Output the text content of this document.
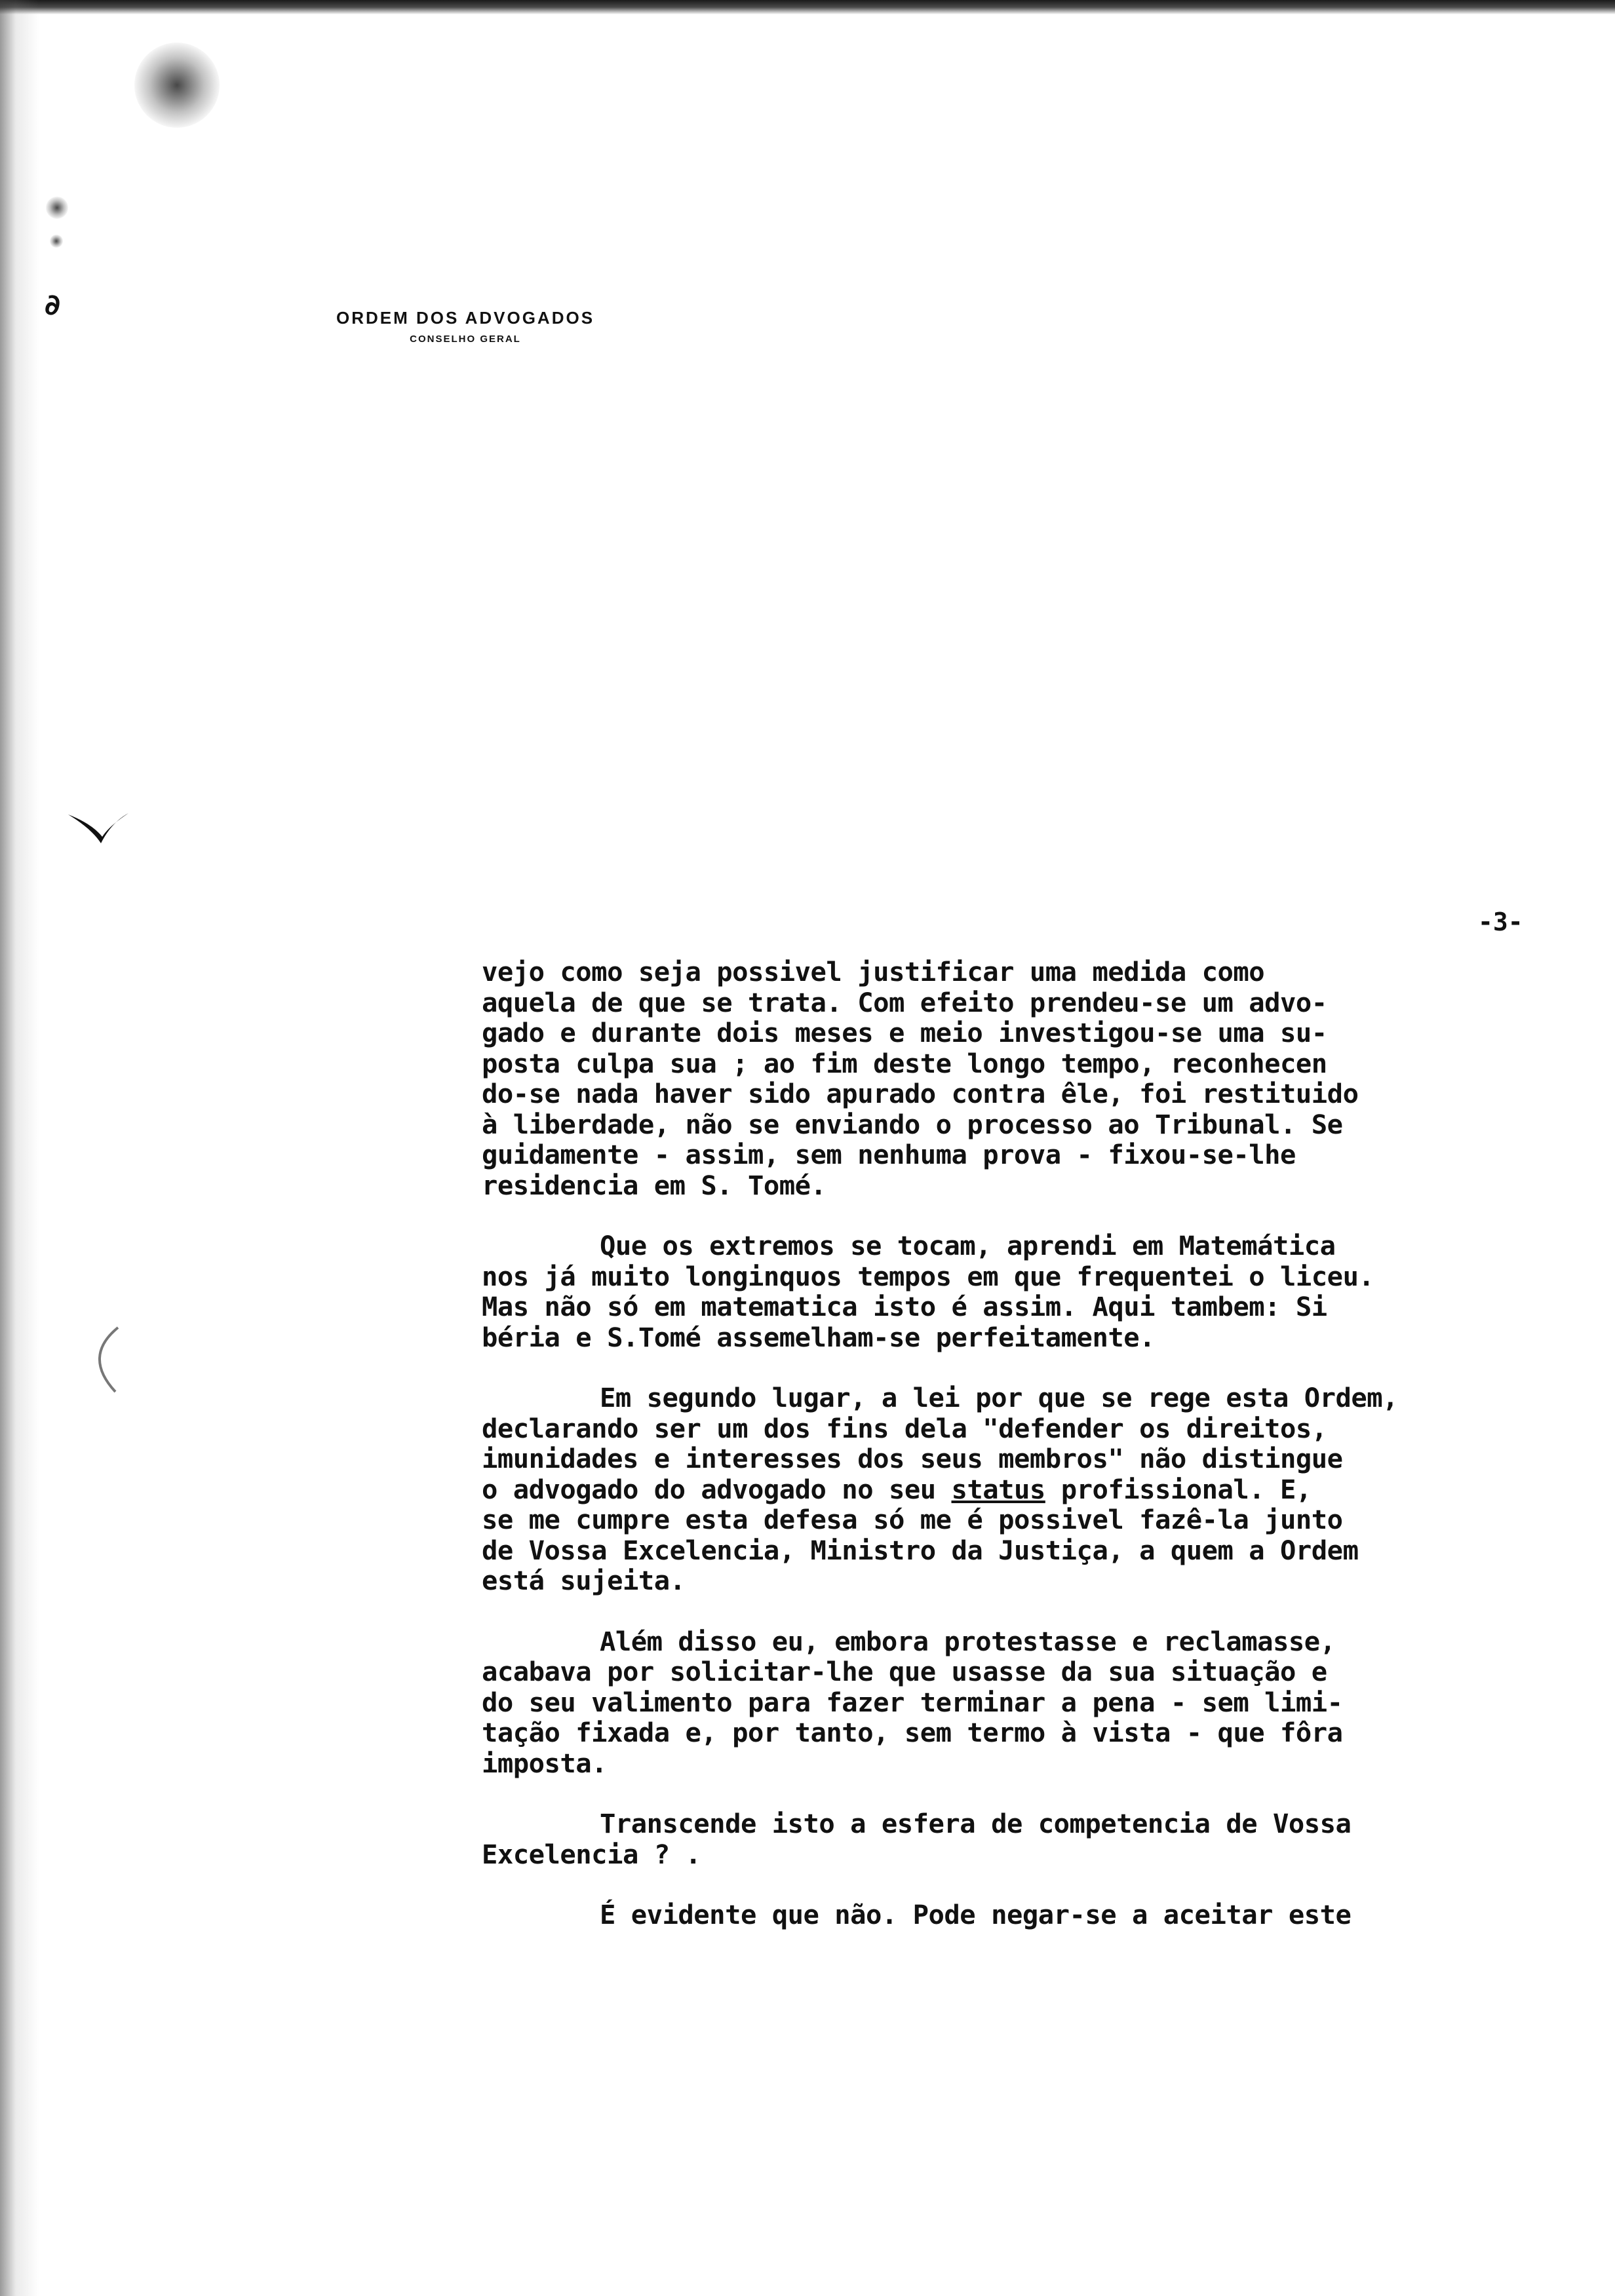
∂	ORDEM DOS ADVOGADOS
CONSELHO GERAL
-3-

vejo como seja possivel justificar uma medida como
aquela de que se trata. Com efeito prendeu-se um advo-
gado e durante dois meses e meio investigou-se uma su-
posta culpa sua ; ao fim deste longo tempo, reconhecen
do-se nada haver sido apurado contra êle, foi restituido
à liberdade, não se enviando o processo ao Tribunal. Se
guidamente - assim, sem nenhuma prova - fixou-se-lhe
residencia em S. Tomé.

Que os extremos se tocam, aprendi em Matemática
nos já muito longinquos tempos em que frequentei o liceu.
Mas não só em matematica isto é assim. Aqui tambem: Si
béria e S.Tomé assemelham-se perfeitamente.

Em segundo lugar, a lei por que se rege esta Ordem,
declarando ser um dos fins dela "defender os direitos,
imunidades e interesses dos seus membros" não distingue
o advogado do advogado no seu status profissional. E,
se me cumpre esta defesa só me é possivel fazê-la junto
de Vossa Excelencia, Ministro da Justiça, a quem a Ordem
está sujeita.

Além disso eu, embora protestasse e reclamasse,
acabava por solicitar-lhe que usasse da sua situação e
do seu valimento para fazer terminar a pena - sem limi-
tação fixada e, por tanto, sem termo à vista - que fôra
imposta.

Transcende isto a esfera de competencia de Vossa
Excelencia ? .

É evidente que não. Pode negar-se a aceitar este
